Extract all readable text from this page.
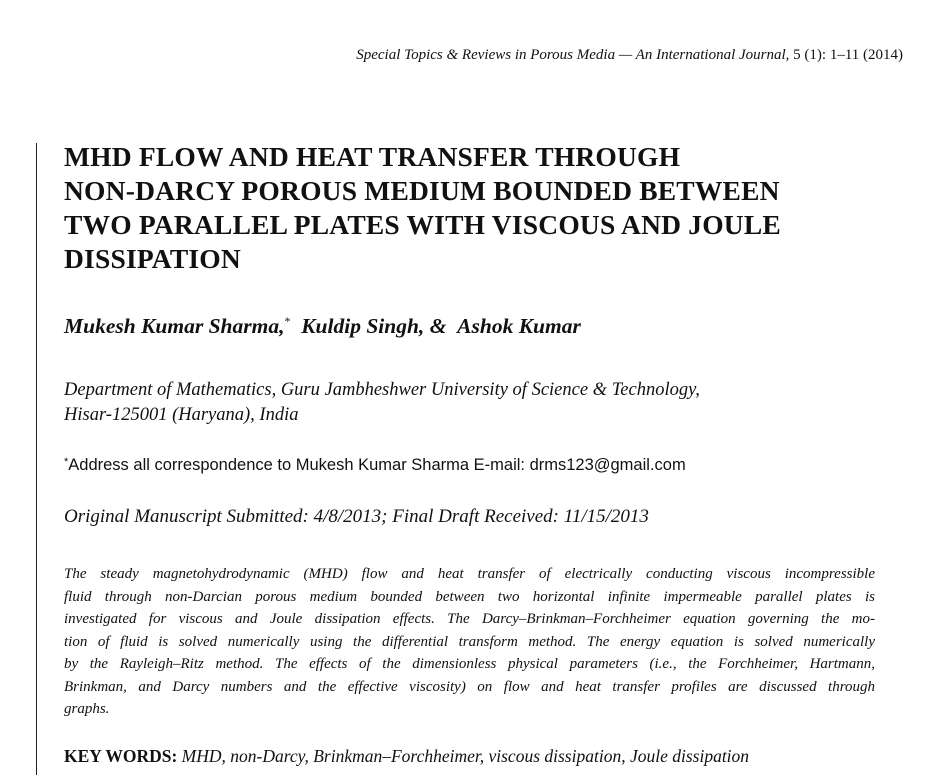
Special Topics & Reviews in Porous Media — An International Journal, 5 (1): 1–11 (2014)
MHD FLOW AND HEAT TRANSFER THROUGH
NON-DARCY POROUS MEDIUM BOUNDED BETWEEN
TWO PARALLEL PLATES WITH VISCOUS AND JOULE
DISSIPATION
Mukesh Kumar Sharma,* Kuldip Singh, & Ashok Kumar
Department of Mathematics, Guru Jambheshwer University of Science & Technology,
Hisar-125001 (Haryana), India
*Address all correspondence to Mukesh Kumar Sharma E-mail: drms123@gmail.com
Original Manuscript Submitted: 4/8/2013; Final Draft Received: 11/15/2013
The steady magnetohydrodynamic (MHD) flow and heat transfer of electrically conducting viscous incompressible
fluid through non-Darcian porous medium bounded between two horizontal infinite impermeable parallel plates is
investigated for viscous and Joule dissipation effects. The Darcy–Brinkman–Forchheimer equation governing the mo-
tion of fluid is solved numerically using the differential transform method. The energy equation is solved numerically
by the Rayleigh–Ritz method. The effects of the dimensionless physical parameters (i.e., the Forchheimer, Hartmann,
Brinkman, and Darcy numbers and the effective viscosity) on flow and heat transfer profiles are discussed through
graphs.
KEY WORDS: MHD, non-Darcy, Brinkman–Forchheimer, viscous dissipation, Joule dissipation
